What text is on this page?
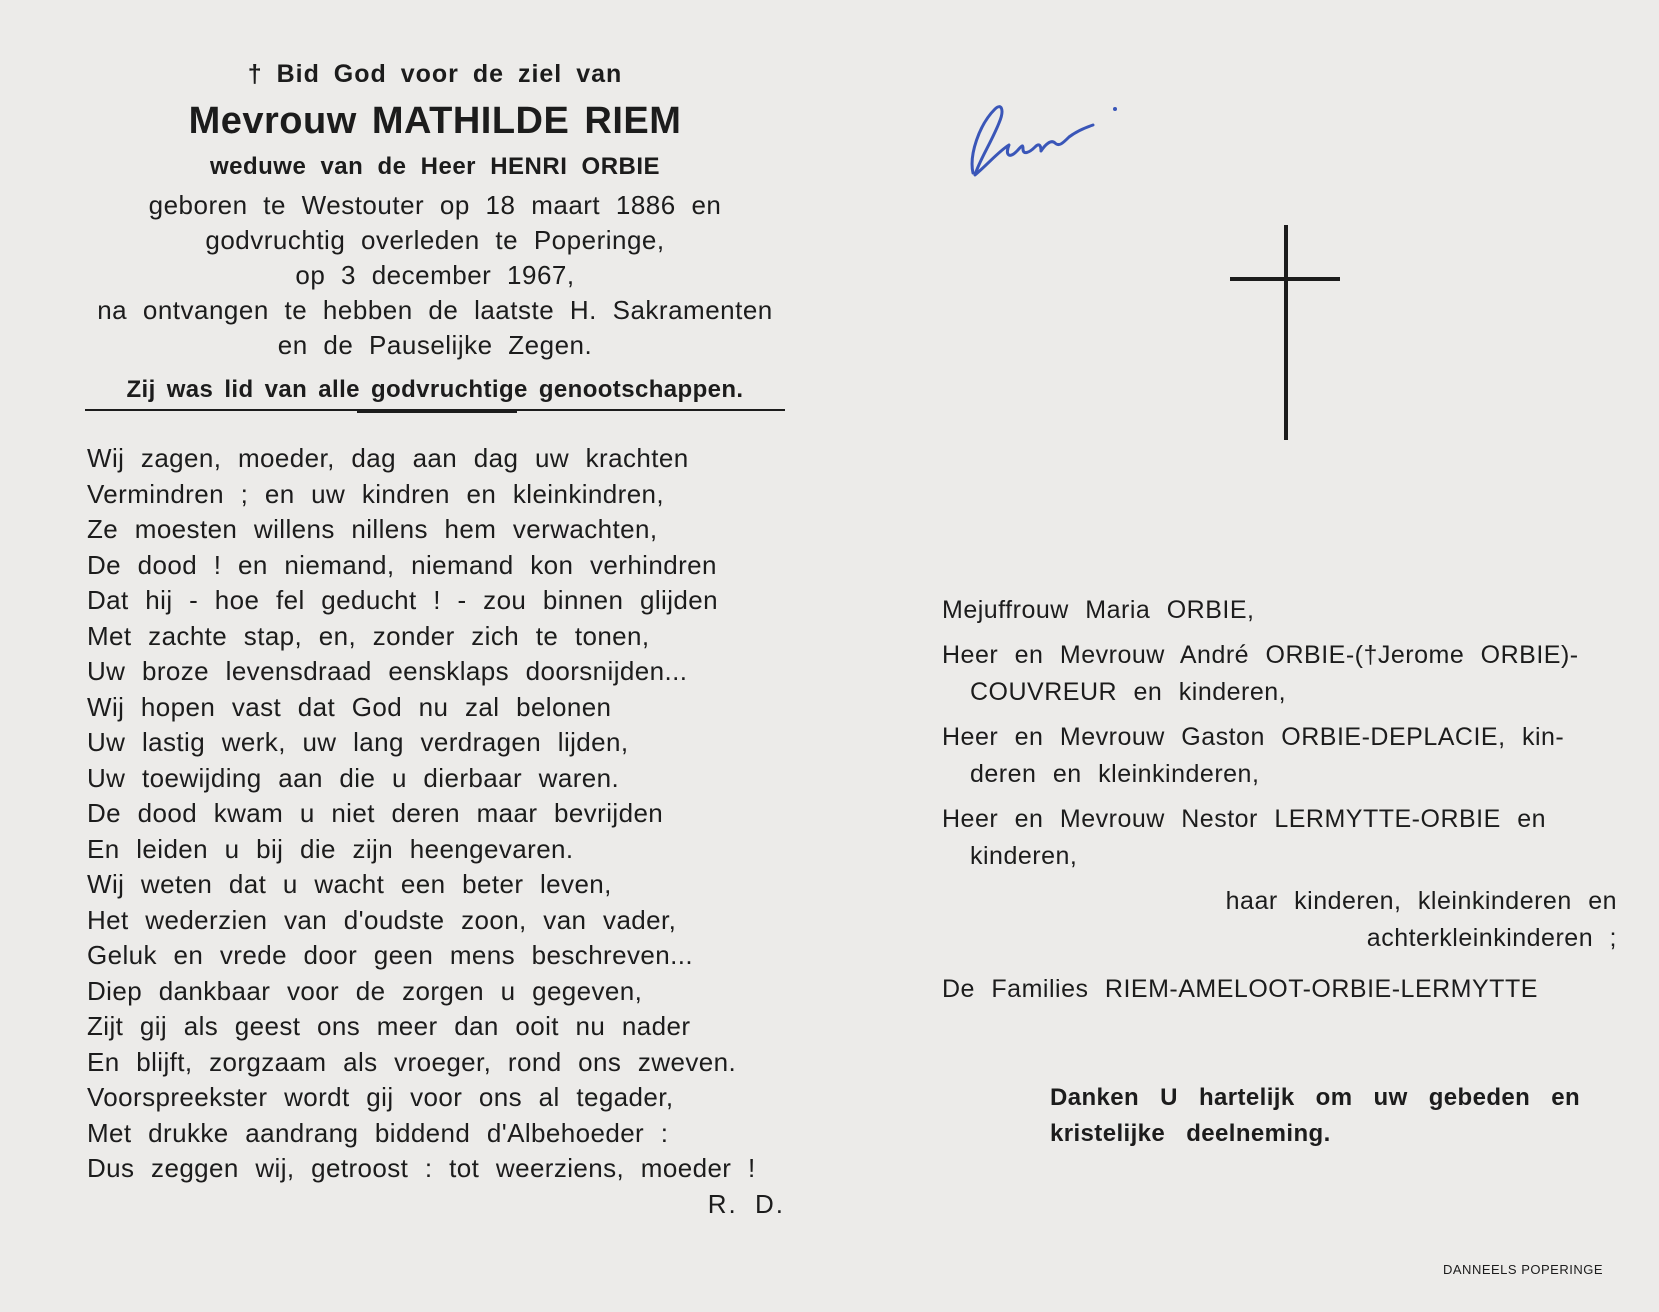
† Bid God voor de ziel van
Mevrouw MATHILDE RIEM
weduwe van de Heer HENRI ORBIE
geboren te Westouter op 18 maart 1886 en
godvruchtig overleden te Poperinge,
op 3 december 1967,
na ontvangen te hebben de laatste H. Sakramenten
en de Pauselijke Zegen.
Zij was lid van alle godvruchtige genootschappen.
Wij zagen, moeder, dag aan dag uw krachten
Vermindren ; en uw kindren en kleinkindren,
Ze moesten willens nillens hem verwachten,
De dood ! en niemand, niemand kon verhindren
Dat hij - hoe fel geducht ! - zou binnen glijden
Met zachte stap, en, zonder zich te tonen,
Uw broze levensdraad eensklaps doorsnijden...
Wij hopen vast dat God nu zal belonen
Uw lastig werk, uw lang verdragen lijden,
Uw toewijding aan die u dierbaar waren.
De dood kwam u niet deren maar bevrijden
En leiden u bij die zijn heengevaren.
Wij weten dat u wacht een beter leven,
Het wederzien van d'oudste zoon, van vader,
Geluk en vrede door geen mens beschreven...
Diep dankbaar voor de zorgen u gegeven,
Zijt gij als geest ons meer dan ooit nu nader
En blijft, zorgzaam als vroeger, rond ons zweven.
Voorspreekster wordt gij voor ons al tegader,
Met drukke aandrang biddend d'Albehoeder :
Dus zeggen wij, getroost : tot weerziens, moeder !
R. D.
Mejuffrouw Maria ORBIE,
Heer en Mevrouw André ORBIE-(†Jerome ORBIE)-
COUVREUR en kinderen,
Heer en Mevrouw Gaston ORBIE-DEPLACIE, kin-
deren en kleinkinderen,
Heer en Mevrouw Nestor LERMYTTE-ORBIE en
kinderen,
haar kinderen, kleinkinderen en
achterkleinkinderen ;
De Families RIEM-AMELOOT-ORBIE-LERMYTTE
Danken U hartelijk om uw gebeden en
kristelijke deelneming.
DANNEELS POPERINGE
